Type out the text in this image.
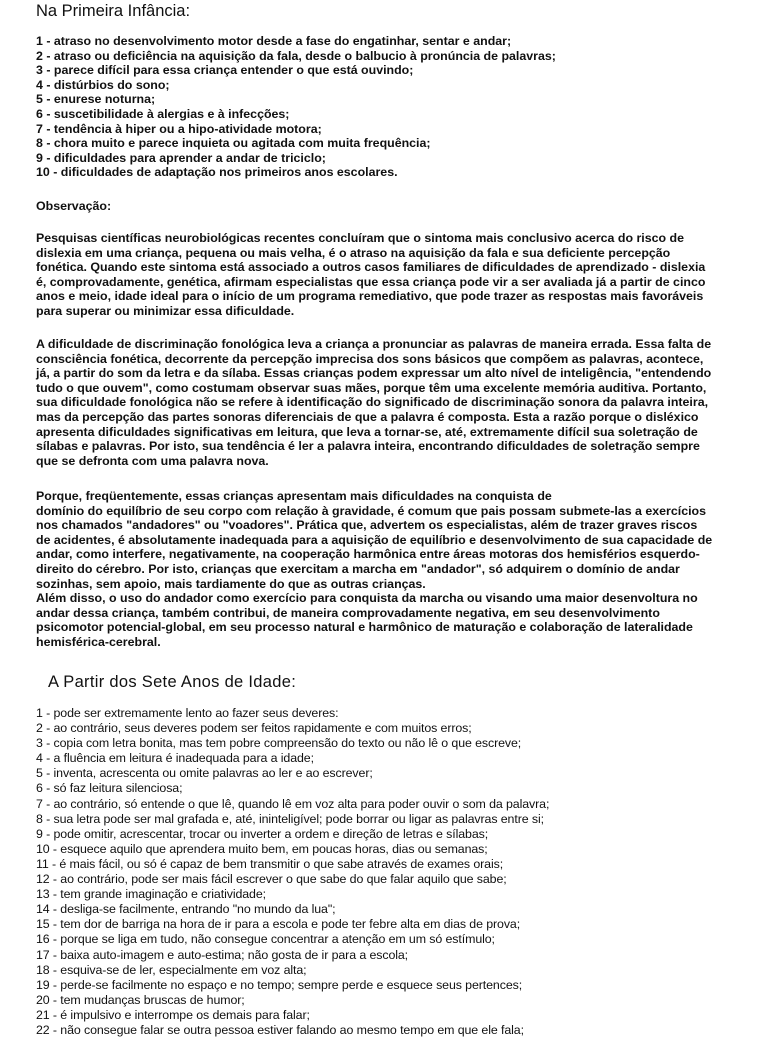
Na Primeira Infância:
1 - atraso no desenvolvimento motor desde a fase do engatinhar, sentar e andar;
2 - atraso ou deficiência na aquisição da fala, desde o balbucio à pronúncia de palavras;
3 - parece difícil para essa criança entender o que está ouvindo;
4 - distúrbios do sono;
5 - enurese noturna;
6 - suscetibilidade à alergias e à infecções;
7 - tendência à hiper ou a hipo-atividade motora;
8 - chora muito e parece inquieta ou agitada com muita frequência;
9 - dificuldades para aprender a andar de triciclo;
10 - dificuldades de adaptação nos primeiros anos escolares.
Observação:
Pesquisas científicas neurobiológicas recentes concluíram que o sintoma mais conclusivo acerca do risco de
dislexia em uma criança, pequena ou mais velha, é o atraso na aquisição da fala e sua deficiente percepção
fonética. Quando este sintoma está associado a outros casos familiares de dificuldades de aprendizado - dislexia
é, comprovadamente, genética, afirmam especialistas que essa criança pode vir a ser avaliada já a partir de cinco
anos e meio, idade ideal para o início de um programa remediativo, que pode trazer as respostas mais favoráveis
para superar ou minimizar essa dificuldade.
A dificuldade de discriminação fonológica leva a criança a pronunciar as palavras de maneira errada. Essa falta de
consciência fonética, decorrente da percepção imprecisa dos sons básicos que compõem as palavras, acontece,
já, a partir do som da letra e da sílaba. Essas crianças podem expressar um alto nível de inteligência, "entendendo
tudo o que ouvem", como costumam observar suas mães, porque têm uma excelente memória auditiva. Portanto,
sua dificuldade fonológica não se refere à identificação do significado de discriminação sonora da palavra inteira,
mas da percepção das partes sonoras diferenciais de que a palavra é composta. Esta a razão porque o disléxico
apresenta dificuldades significativas em leitura, que leva a tornar-se, até, extremamente difícil sua soletração de
sílabas e palavras. Por isto, sua tendência é ler a palavra inteira, encontrando dificuldades de soletração sempre
que se defronta com uma palavra nova.
Porque, freqüentemente, essas crianças apresentam mais dificuldades na conquista de
domínio do equilíbrio de seu corpo com relação à gravidade, é comum que pais possam submete-las a exercícios
nos chamados "andadores" ou "voadores". Prática que, advertem os especialistas, além de trazer graves riscos
de acidentes, é absolutamente inadequada para a aquisição de equilíbrio e desenvolvimento de sua capacidade de
andar, como interfere, negativamente, na cooperação harmônica entre áreas motoras dos hemisférios esquerdo-
direito do cérebro. Por isto, crianças que exercitam a marcha em "andador", só adquirem o domínio de andar
sozinhas, sem apoio, mais tardiamente do que as outras crianças.
Além disso, o uso do andador como exercício para conquista da marcha ou visando uma maior desenvoltura no
andar dessa criança, também contribui, de maneira comprovadamente negativa, em seu desenvolvimento
psicomotor potencial-global, em seu processo natural e harmônico de maturação e colaboração de lateralidade
hemisférica-cerebral.
A Partir dos Sete Anos de Idade:
1 - pode ser extremamente lento ao fazer seus deveres:
2 - ao contrário, seus deveres podem ser feitos rapidamente e com muitos erros;
3 - copia com letra bonita, mas tem pobre compreensão do texto ou não lê o que escreve;
4 - a fluência em leitura é inadequada para a idade;
5 - inventa, acrescenta ou omite palavras ao ler e ao escrever;
6 - só faz leitura silenciosa;
7 - ao contrário, só entende o que lê, quando lê em voz alta para poder ouvir o som da palavra;
8 - sua letra pode ser mal grafada e, até, ininteligível; pode borrar ou ligar as palavras entre si;
9 - pode omitir, acrescentar, trocar ou inverter a ordem e direção de letras e sílabas;
10 - esquece aquilo que aprendera muito bem, em poucas horas, dias ou semanas;
11 - é mais fácil, ou só é capaz de bem transmitir o que sabe através de exames orais;
12 - ao contrário, pode ser mais fácil escrever o que sabe do que falar aquilo que sabe;
13 - tem grande imaginação e criatividade;
14 - desliga-se facilmente, entrando "no mundo da lua";
15 - tem dor de barriga na hora de ir para a escola e pode ter febre alta em dias de prova;
16 - porque se liga em tudo, não consegue concentrar a atenção em um só estímulo;
17 - baixa auto-imagem e auto-estima; não gosta de ir para a escola;
18 - esquiva-se de ler, especialmente em voz alta;
19 - perde-se facilmente no espaço e no tempo; sempre perde e esquece seus pertences;
20 - tem mudanças bruscas de humor;
21 - é impulsivo e interrompe os demais para falar;
22 - não consegue falar se outra pessoa estiver falando ao mesmo tempo em que ele fala;
